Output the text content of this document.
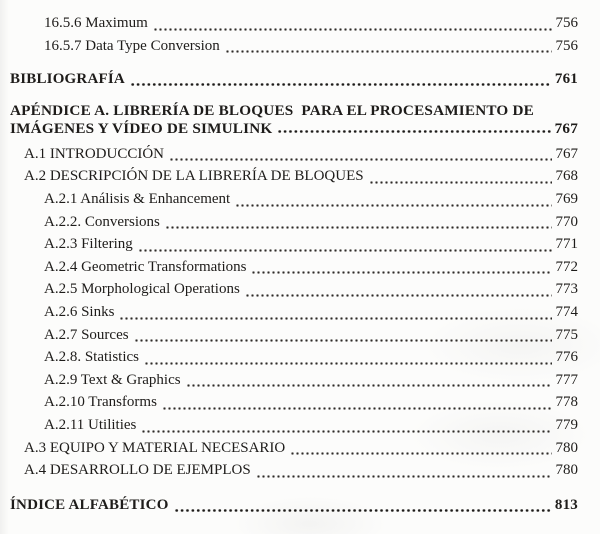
16.5.6 Maximum	756
16.5.7 Data Type Conversion	756
BIBLIOGRAFÍA	761
APÉNDICE A. LIBRERÍA DE BLOQUES  PARA EL PROCESAMIENTO DE
IMÁGENES Y VÍDEO DE SIMULINK	767
A.1 INTRODUCCIÓN	767
A.2 DESCRIPCIÓN DE LA LIBRERÍA DE BLOQUES	768
A.2.1 Análisis & Enhancement	769
A.2.2. Conversions	770
A.2.3 Filtering	771
A.2.4 Geometric Transformations	772
A.2.5 Morphological Operations	773
A.2.6 Sinks	774
A.2.7 Sources	775
A.2.8. Statistics	776
A.2.9 Text & Graphics	777
A.2.10 Transforms	778
A.2.11 Utilities	779
A.3 EQUIPO Y MATERIAL NECESARIO	780
A.4 DESARROLLO DE EJEMPLOS	780
ÍNDICE ALFABÉTICO	813
